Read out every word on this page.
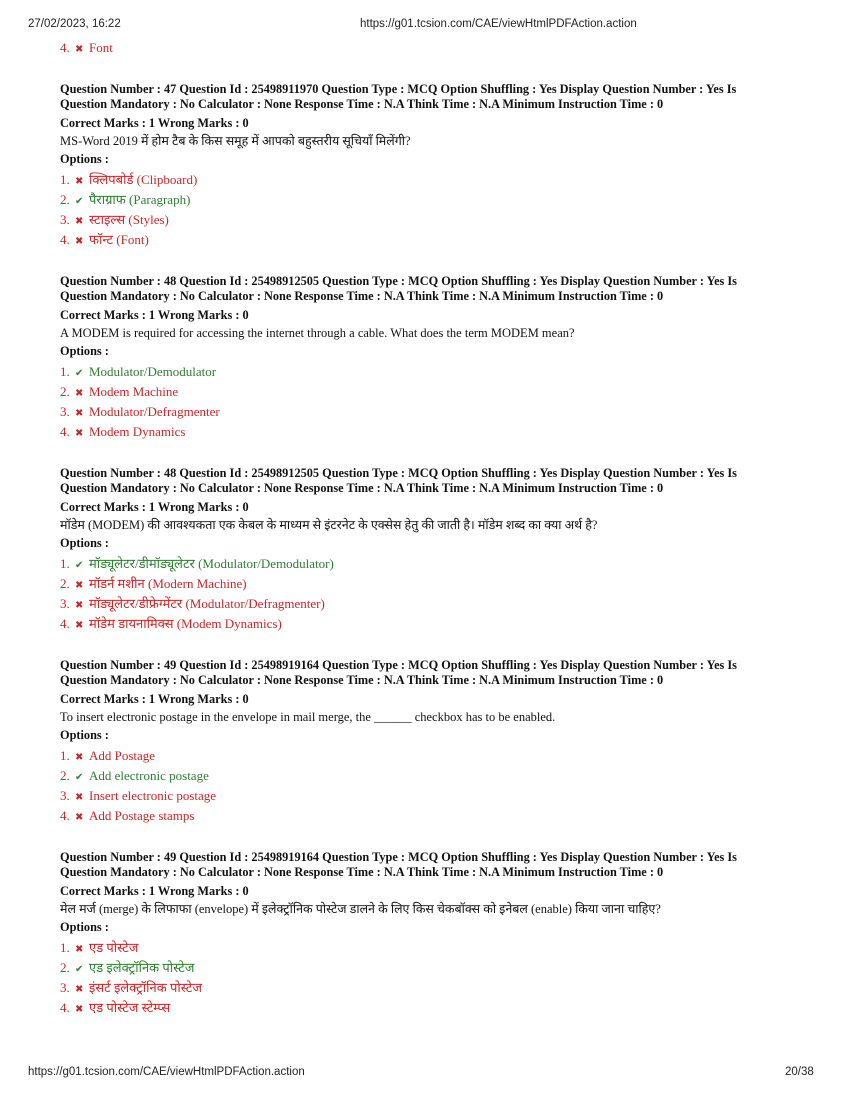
27/02/2023, 16:22	https://g01.tcsion.com/CAE/viewHtmlPDFAction.action
4. ✖ Font
Question Number : 47 Question Id : 25498911970 Question Type : MCQ Option Shuffling : Yes Display Question Number : Yes Is
Question Mandatory : No Calculator : None Response Time : N.A Think Time : N.A Minimum Instruction Time : 0
Correct Marks : 1 Wrong Marks : 0
MS-Word 2019 में होम टैब के किस समूह में आपको बहुस्तरीय सूचियाँ मिलेंगी?
Options :
1. ✖ क्लिपबोर्ड (Clipboard)
2. ✔ पैराग्राफ (Paragraph)
3. ✖ स्टाइल्स (Styles)
4. ✖ फॉन्ट (Font)
Question Number : 48 Question Id : 25498912505 Question Type : MCQ Option Shuffling : Yes Display Question Number : Yes Is
Question Mandatory : No Calculator : None Response Time : N.A Think Time : N.A Minimum Instruction Time : 0
Correct Marks : 1 Wrong Marks : 0
A MODEM is required for accessing the internet through a cable. What does the term MODEM mean?
Options :
1. ✔ Modulator/Demodulator
2. ✖ Modem Machine
3. ✖ Modulator/Defragmenter
4. ✖ Modem Dynamics
Question Number : 48 Question Id : 25498912505 Question Type : MCQ Option Shuffling : Yes Display Question Number : Yes Is
Question Mandatory : No Calculator : None Response Time : N.A Think Time : N.A Minimum Instruction Time : 0
Correct Marks : 1 Wrong Marks : 0
मॉडेम (MODEM) की आवश्यकता एक केबल के माध्यम से इंटरनेट के एक्सेस हेतु की जाती है। मॉडेम शब्द का क्या अर्थ है?
Options :
1. ✔ मॉड्यूलेटर/डीमॉड्यूलेटर (Modulator/Demodulator)
2. ✖ मॉडर्न मशीन (Modern Machine)
3. ✖ मॉड्यूलेटर/डीफ्रेग्मेंटर (Modulator/Defragmenter)
4. ✖ मॉडेम डायनामिक्स (Modem Dynamics)
Question Number : 49 Question Id : 25498919164 Question Type : MCQ Option Shuffling : Yes Display Question Number : Yes Is
Question Mandatory : No Calculator : None Response Time : N.A Think Time : N.A Minimum Instruction Time : 0
Correct Marks : 1 Wrong Marks : 0
To insert electronic postage in the envelope in mail merge, the ______ checkbox has to be enabled.
Options :
1. ✖ Add Postage
2. ✔ Add electronic postage
3. ✖ Insert electronic postage
4. ✖ Add Postage stamps
Question Number : 49 Question Id : 25498919164 Question Type : MCQ Option Shuffling : Yes Display Question Number : Yes Is
Question Mandatory : No Calculator : None Response Time : N.A Think Time : N.A Minimum Instruction Time : 0
Correct Marks : 1 Wrong Marks : 0
मेल मर्ज (merge) के लिफाफा (envelope) में इलेक्ट्रॉनिक पोस्टेज डालने के लिए किस चेकबॉक्स को इनेबल (enable) किया जाना चाहिए?
Options :
1. ✖ एड पोस्टेज
2. ✔ एड इलेक्ट्रॉनिक पोस्टेज
3. ✖ इंसर्ट इलेक्ट्रॉनिक पोस्टेज
4. ✖ एड पोस्टेज स्टेम्प्स
https://g01.tcsion.com/CAE/viewHtmlPDFAction.action	20/38
